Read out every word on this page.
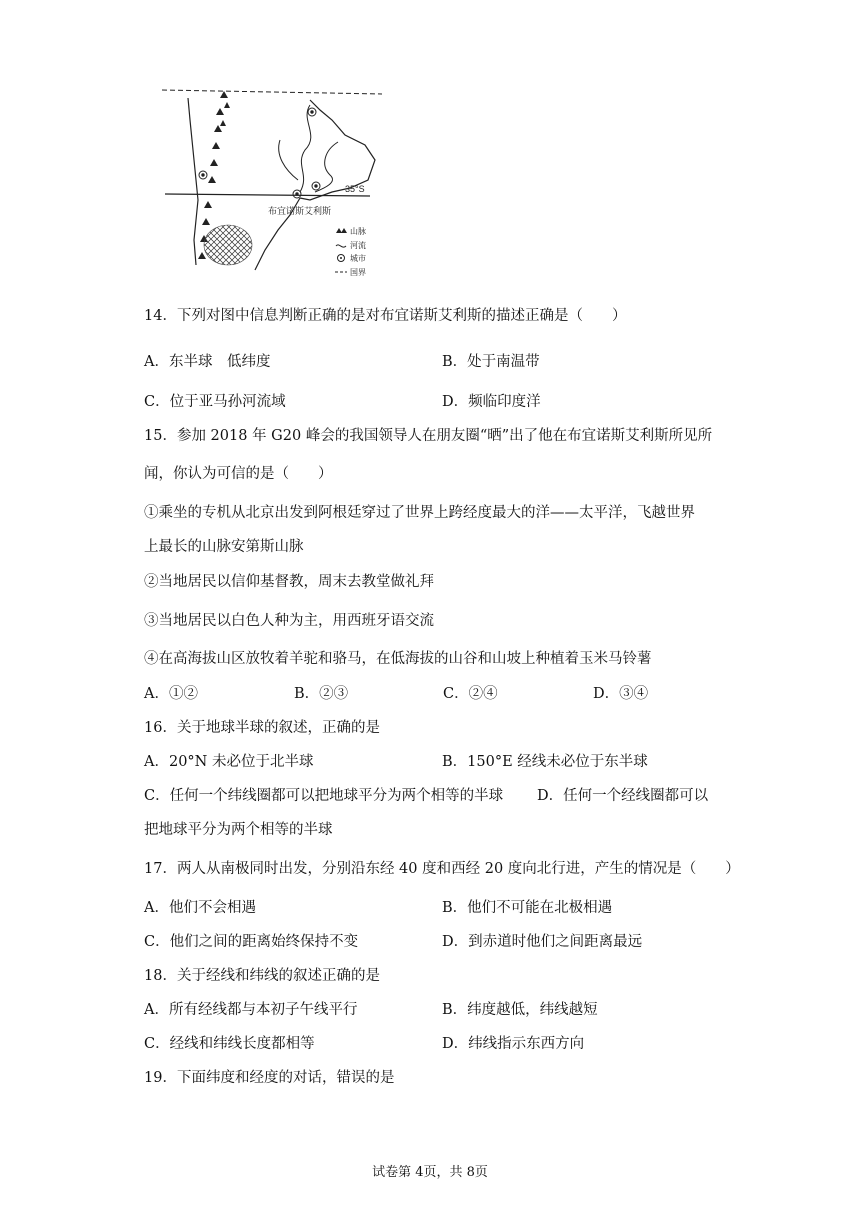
35°S
布宜诺斯艾利斯
山脉
河流
城市
国界
14．下列对图中信息判断正确的是对布宜诺斯艾利斯的描述正确是（　　）
A．东半球　低纬度	B．处于南温带
C．位于亚马孙河流域	D．频临印度洋
15．参加 2018 年 G20 峰会的我国领导人在朋友圈“晒”出了他在布宜诺斯艾利斯所见所
闻，你认为可信的是（　　）
①乘坐的专机从北京出发到阿根廷穿过了世界上跨经度最大的洋——太平洋，飞越世界
上最长的山脉安第斯山脉
②当地居民以信仰基督教，周末去教堂做礼拜
③当地居民以白色人种为主，用西班牙语交流
④在高海拔山区放牧着羊驼和骆马，在低海拔的山谷和山坡上种植着玉米马铃薯
A．①②	B．②③	C．②④	D．③④
16．关于地球半球的叙述，正确的是
A．20°N 未必位于北半球	B．150°E 经线未必位于东半球
C．任何一个纬线圈都可以把地球平分为两个相等的半球 D．任何一个经线圈都可以
把地球平分为两个相等的半球
17．两人从南极同时出发，分别沿东经 40 度和西经 20 度向北行进，产生的情况是（　　）
A．他们不会相遇	B．他们不可能在北极相遇
C．他们之间的距离始终保持不变	D．到赤道时他们之间距离最远
18．关于经线和纬线的叙述正确的是
A．所有经线都与本初子午线平行	B．纬度越低，纬线越短
C．经线和纬线长度都相等	D．纬线指示东西方向
19．下面纬度和经度的对话，错误的是
试卷第 4页，共 8页
